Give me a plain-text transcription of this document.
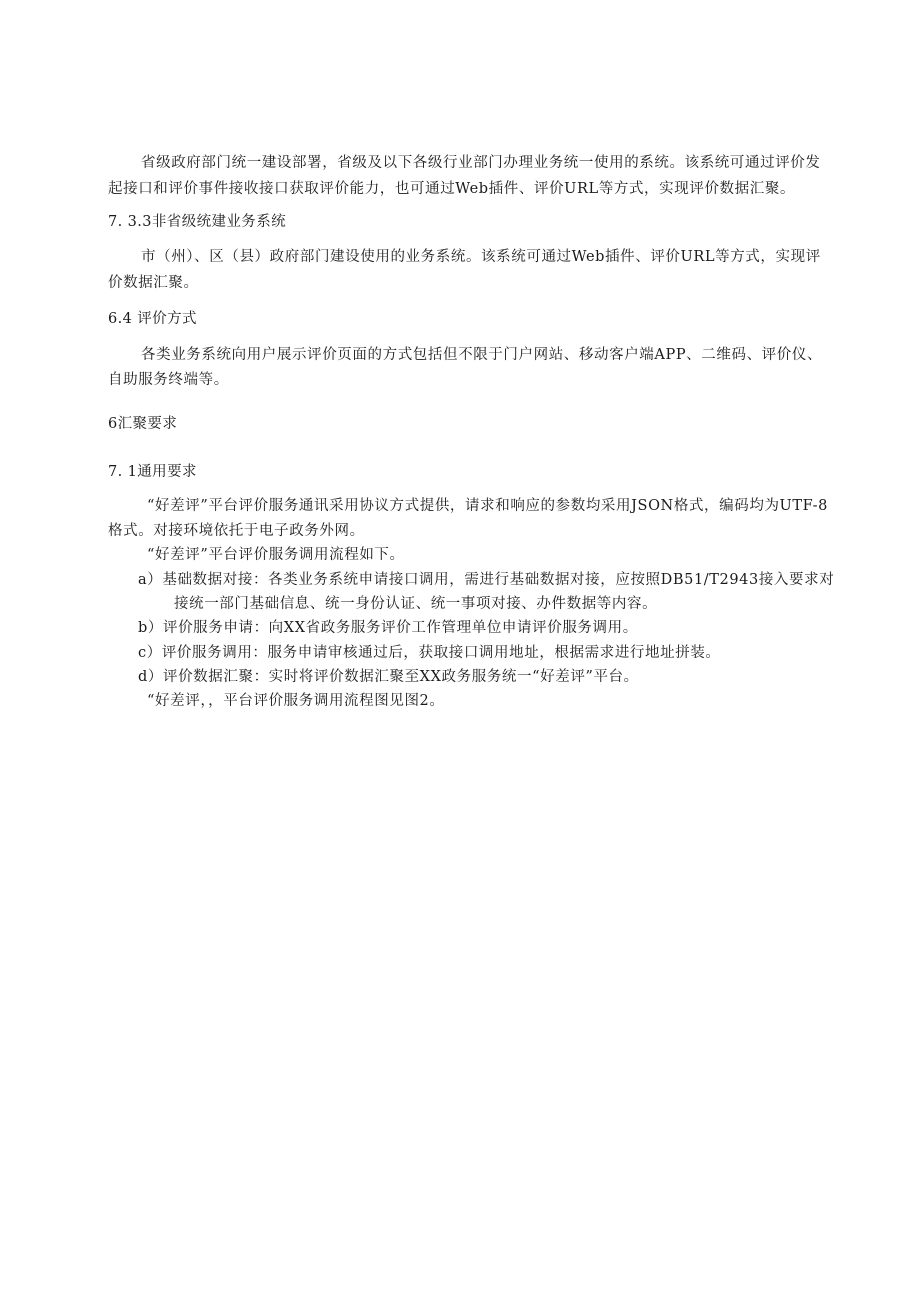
省级政府部门统一建设部署，省级及以下各级行业部门办理业务统一使用的系统。该系统可通过评价发
起接口和评价事件接收接口获取评价能力，也可通过Web插件、评价URL等方式，实现评价数据汇聚。
7. 3.3非省级统建业务系统
市（州）、区（县）政府部门建设使用的业务系统。该系统可通过Web插件、评价URL等方式，实现评
价数据汇聚。
6.4 评价方式
各类业务系统向用户展示评价页面的方式包括但不限于门户网站、移动客户端APP、二维码、评价仪、
自助服务终端等。
6汇聚要求
7. 1通用要求
“好差评”平台评价服务通讯采用协议方式提供，请求和响应的参数均采用JSON格式，编码均为UTF-8
格式。对接环境依托于电子政务外网。
“好差评”平台评价服务调用流程如下。
a）基础数据对接：各类业务系统申请接口调用，需进行基础数据对接，应按照DB51/T2943接入要求对
接统一部门基础信息、统一身份认证、统一事项对接、办件数据等内容。
b）评价服务申请：向XX省政务服务评价工作管理单位申请评价服务调用。
c）评价服务调用：服务申请审核通过后，获取接口调用地址，根据需求进行地址拼装。
d）评价数据汇聚：实时将评价数据汇聚至XX政务服务统一“好差评”平台。
“好差评，，平台评价服务调用流程图见图2。
